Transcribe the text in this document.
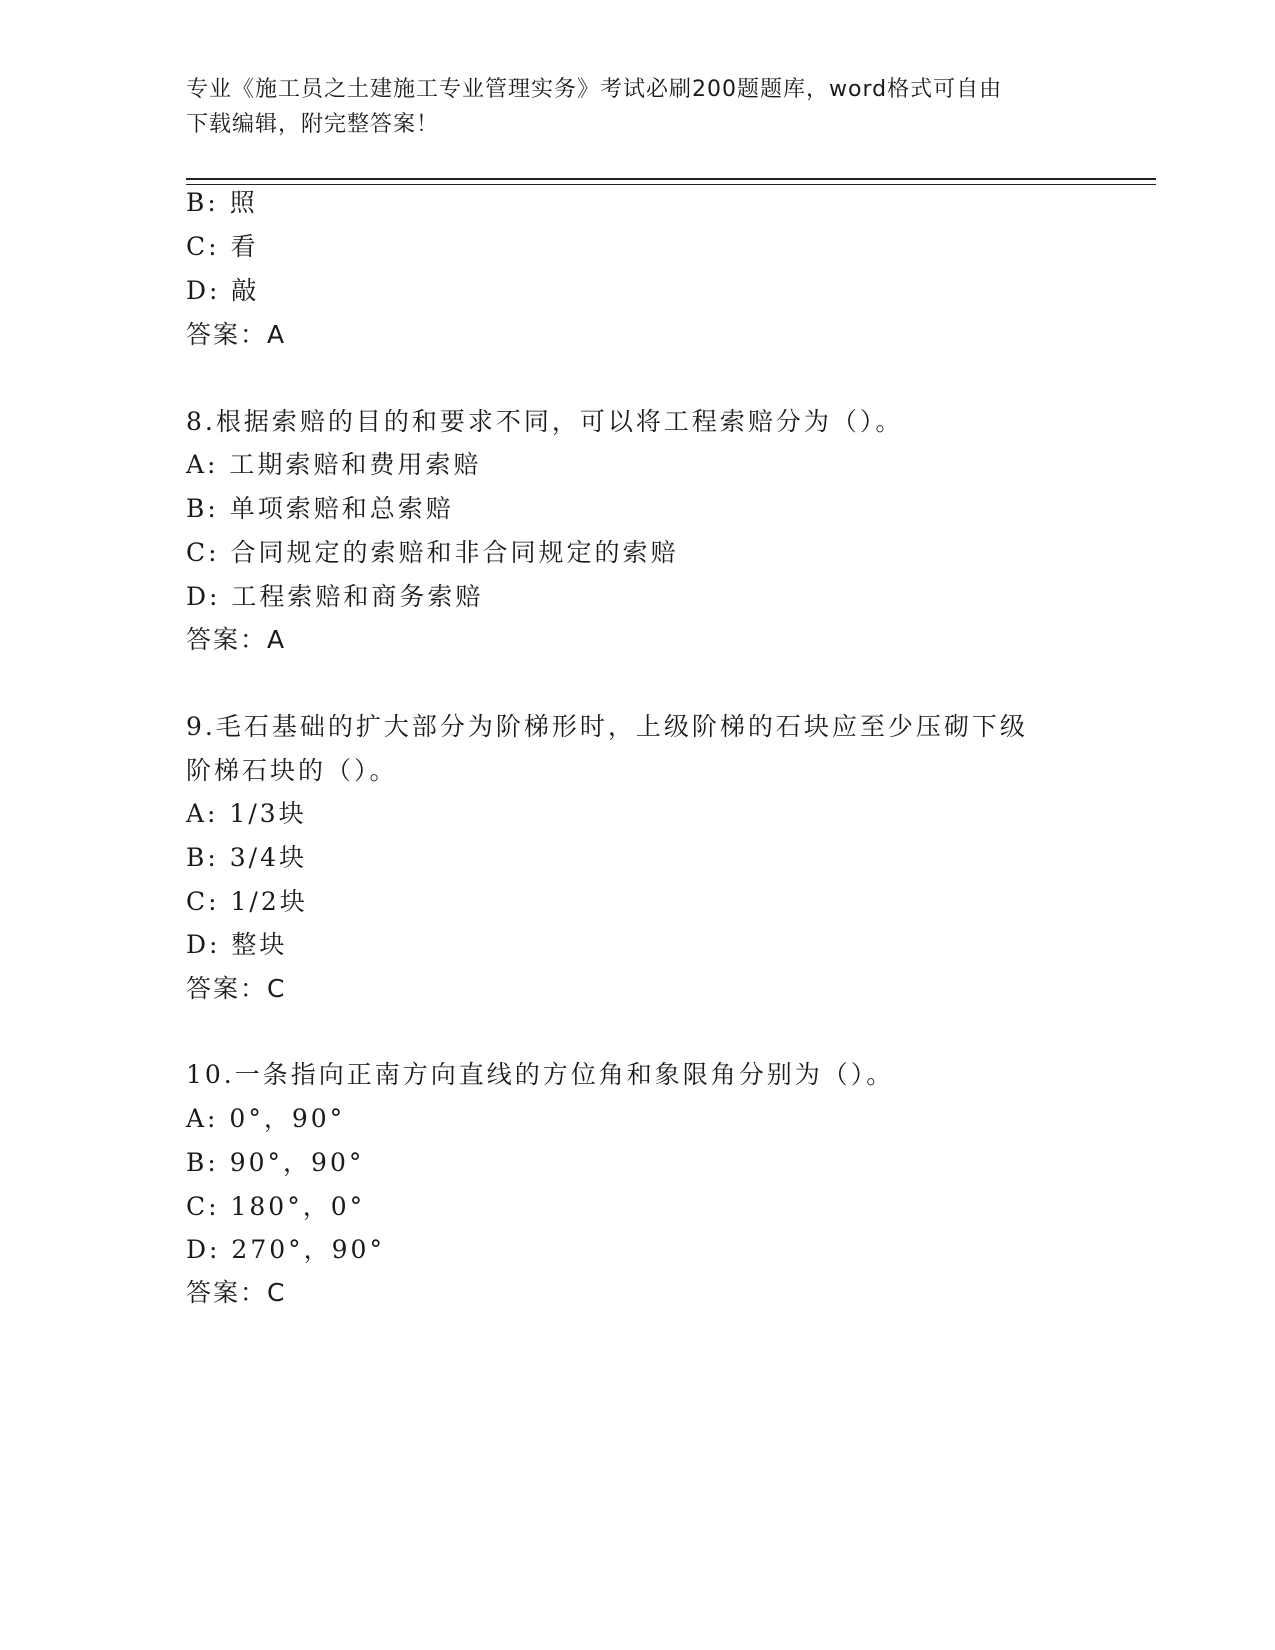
专业《施工员之土建施工专业管理实务》考试必刷200题题库，word格式可自由
下载编辑，附完整答案！
B: 照
C: 看
D: 敲
答案：A
8.根据索赔的目的和要求不同，可以将工程索赔分为（）。
A: 工期索赔和费用索赔
B: 单项索赔和总索赔
C: 合同规定的索赔和非合同规定的索赔
D: 工程索赔和商务索赔
答案：A
9.毛石基础的扩大部分为阶梯形时，上级阶梯的石块应至少压砌下级
阶梯石块的（）。
A: 1/3块
B: 3/4块
C: 1/2块
D: 整块
答案：C
10.一条指向正南方向直线的方位角和象限角分别为（）。
A: 0°，90°
B: 90°，90°
C: 180°，0°
D: 270°，90°
答案：C
